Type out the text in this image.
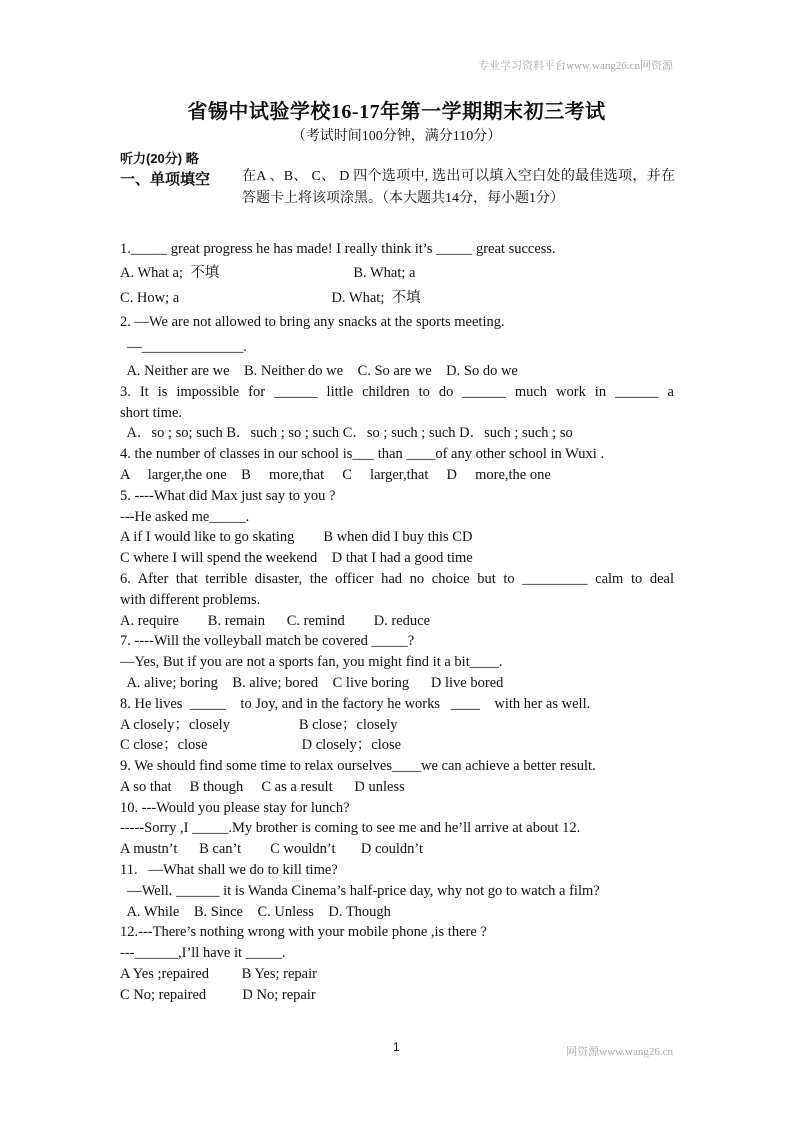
专业学习资料平台www.wang26.cn网资源
省锡中试验学校16-17年第一学期期末初三考试
（考试时间100分钟，满分110分）
听力(20分) 略
一、单项填空 在A 、B、 C、 D 四个选项中, 选出可以填入空白处的最佳选项，并在答题卡上将该项涂黑。（本大题共14分，每小题1分）
1._____ great progress he has made! I really think it’s _____ great success.
A. What a;  不填                                     B. What; a
C. How; a                                          D. What;  不填
2. —We are not allowed to bring any snacks at the sports meeting.
—______________.
A. Neither are we    B. Neither do we    C. So are we    D. So do we
3. It is impossible for ______ little children to do ______ much work in ______ a
short time.
A．so ; so; such B．such ; so ; such C．so ; such ; such D．such ; such ; so
4. the number of classes in our school is___ than ____of any other school in Wuxi .
A     larger,the one    B     more,that     C     larger,that     D     more,the one
5. ----What did Max just say to you ?
---He asked me_____.
A if I would like to go skating        B when did I buy this CD
C where I will spend the weekend    D that I had a good time
6. After that terrible disaster, the officer had no choice but to _________ calm to deal
with different problems.
A. require        B. remain      C. remind        D. reduce
7. ----Will the volleyball match be covered _____?
—Yes, But if you are not a sports fan, you might find it a bit____.
A. alive; boring    B. alive; bored    C live boring      D live bored
8. He lives  _____    to Joy, and in the factory he works   ____    with her as well.
A closely；closely                   B close；closely
C close；close                          D closely；close
9. We should find some time to relax ourselves____we can achieve a better result.
A so that     B though     C as a result      D unless
10. ---Would you please stay for lunch?
-----Sorry ,I _____.My brother is coming to see me and he’ll arrive at about 12.
A mustn’t      B can’t        C wouldn’t       D couldn’t
11.   —What shall we do to kill time?
—Well. ______ it is Wanda Cinema’s half-price day, why not go to watch a film?
A. While    B. Since    C. Unless    D. Though
12.---There’s nothing wrong with your mobile phone ,is there ?
---______,I’ll have it _____.
A Yes ;repaired         B Yes; repair
C No; repaired          D No; repair
1	网资源www.wang26.cn
